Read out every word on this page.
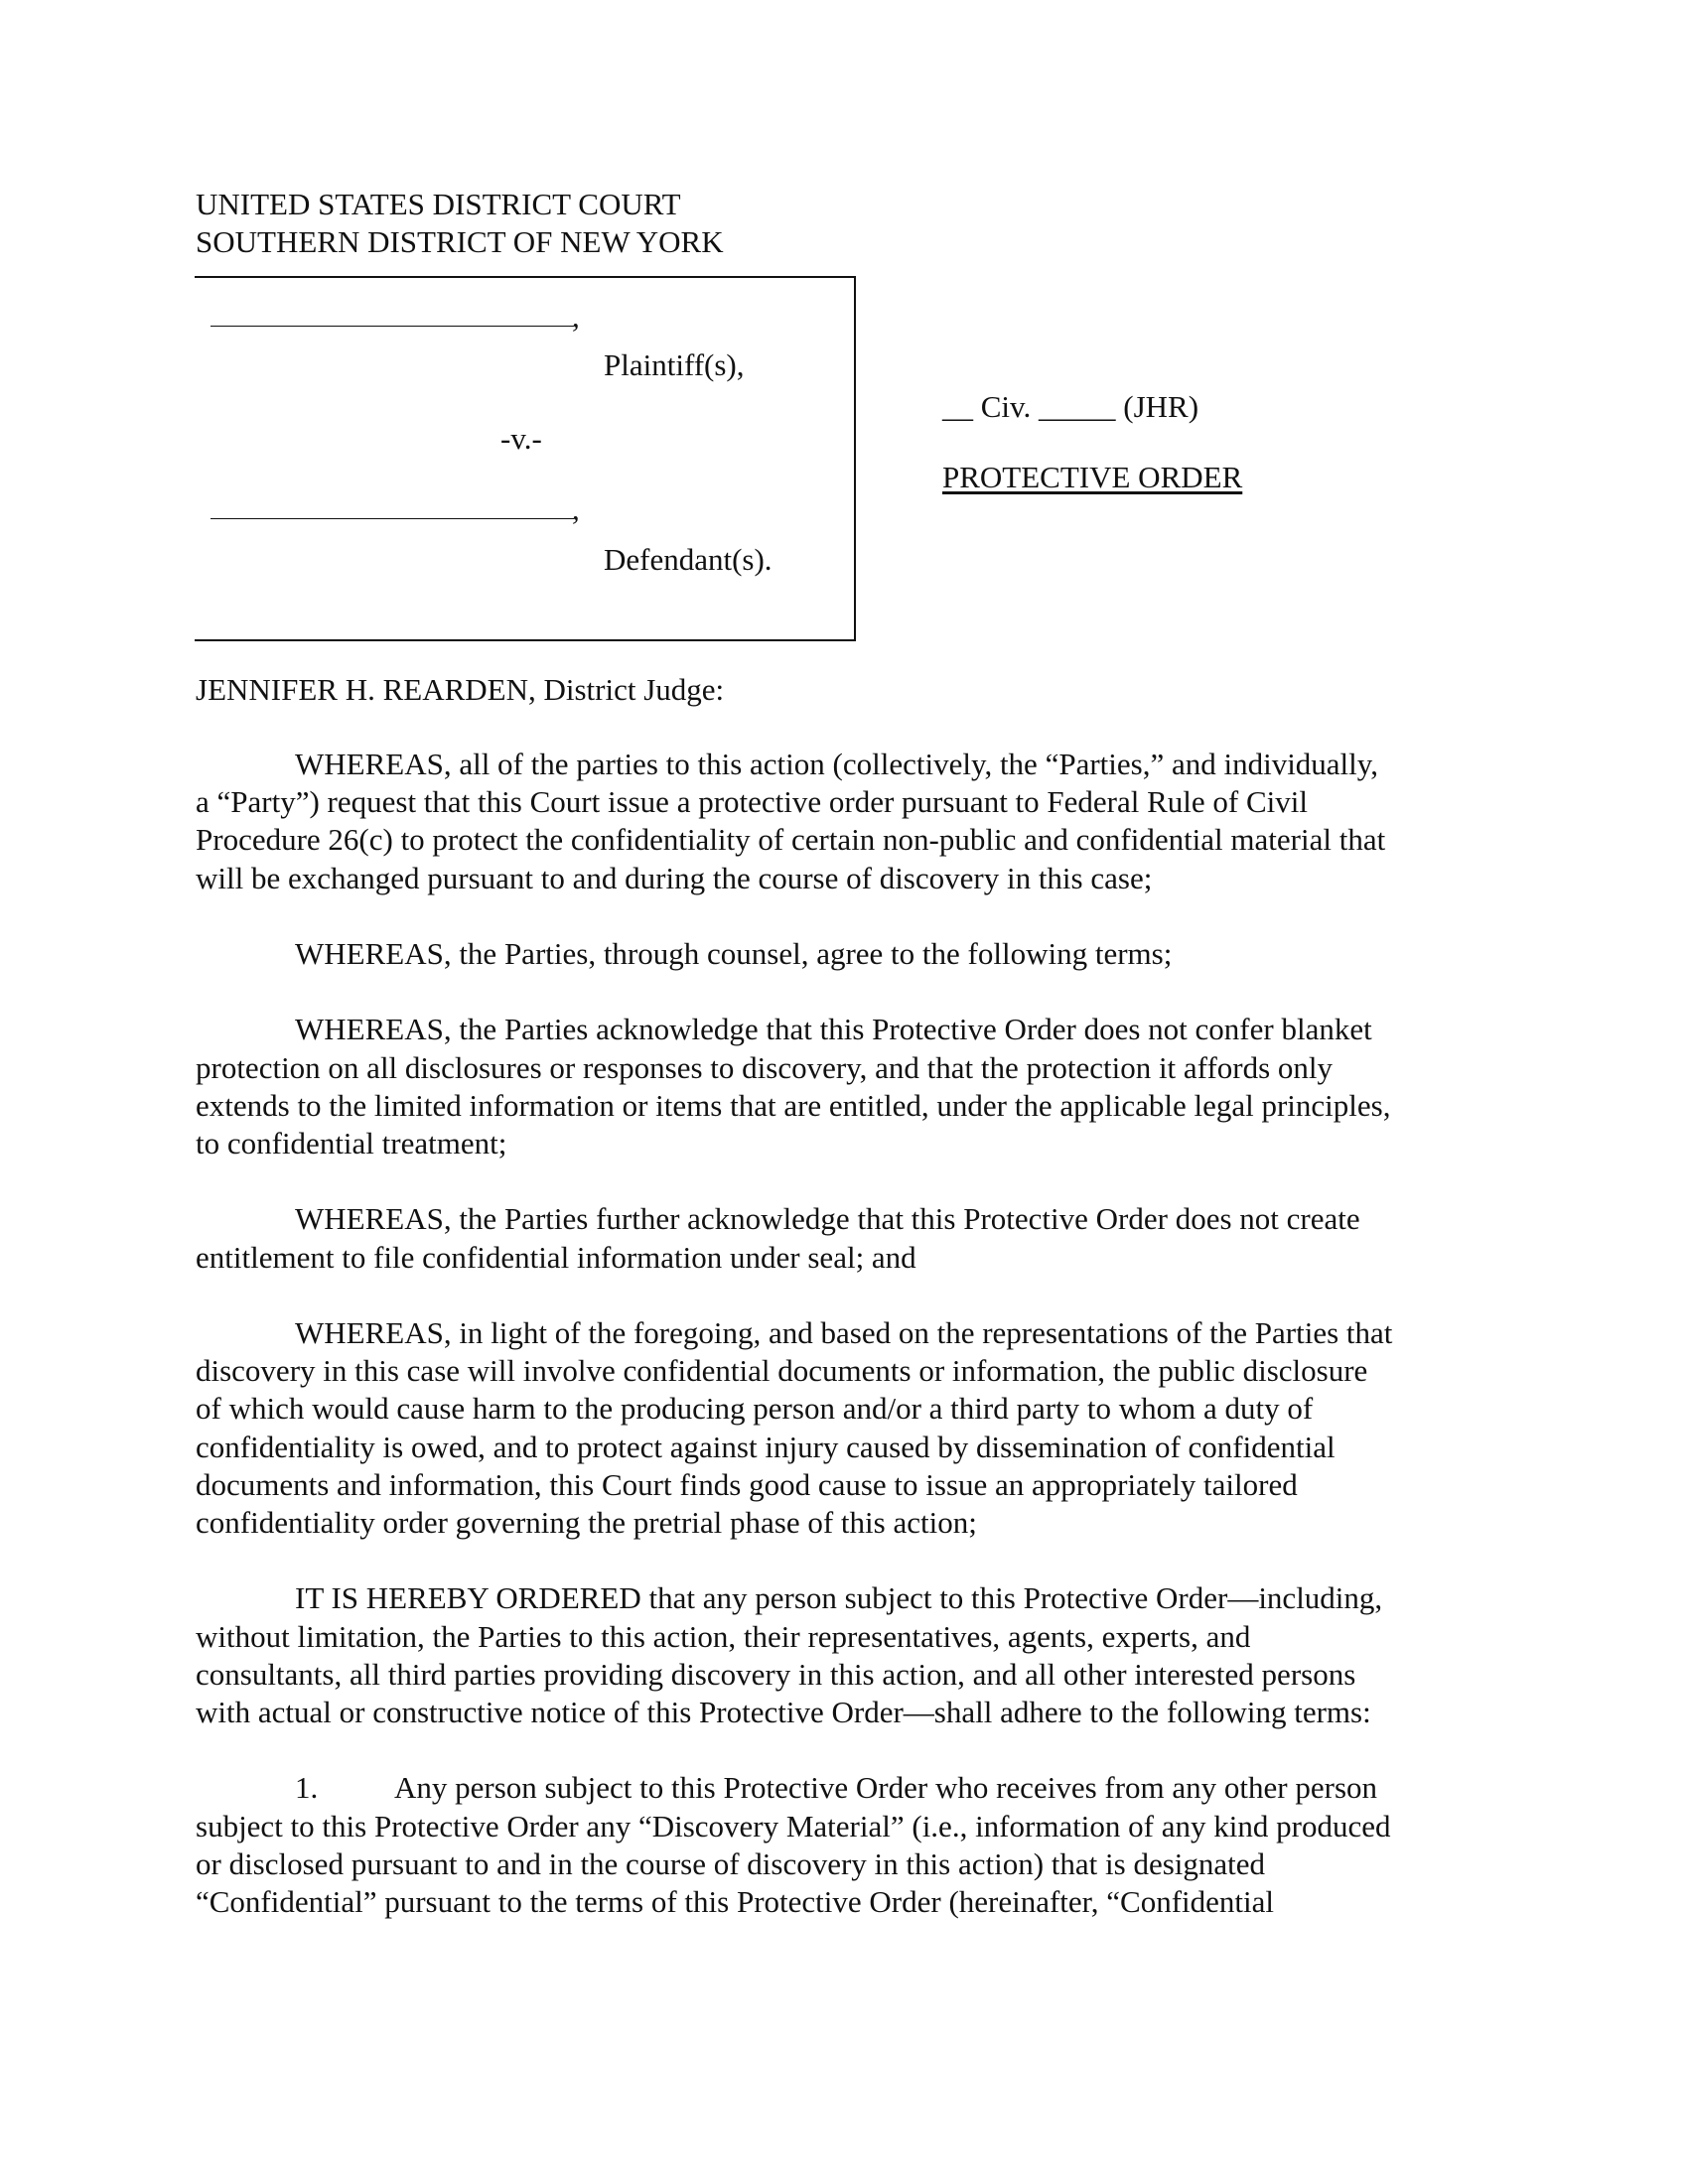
UNITED STATES DISTRICT COURT
SOUTHERN DISTRICT OF NEW YORK
,
Plaintiff(s),
-v.-
,
Defendant(s).
__ Civ. _____ (JHR)
PROTECTIVE ORDER
JENNIFER H. REARDEN, District Judge:
WHEREAS, all of the parties to this action (collectively, the “Parties,” and individually,
a “Party”) request that this Court issue a protective order pursuant to Federal Rule of Civil
Procedure 26(c) to protect the confidentiality of certain non-public and confidential material that
will be exchanged pursuant to and during the course of discovery in this case;
WHEREAS, the Parties, through counsel, agree to the following terms;
WHEREAS, the Parties acknowledge that this Protective Order does not confer blanket
protection on all disclosures or responses to discovery, and that the protection it affords only
extends to the limited information or items that are entitled, under the applicable legal principles,
to confidential treatment;
WHEREAS, the Parties further acknowledge that this Protective Order does not create
entitlement to file confidential information under seal; and
WHEREAS, in light of the foregoing, and based on the representations of the Parties that
discovery in this case will involve confidential documents or information, the public disclosure
of which would cause harm to the producing person and/or a third party to whom a duty of
confidentiality is owed, and to protect against injury caused by dissemination of confidential
documents and information, this Court finds good cause to issue an appropriately tailored
confidentiality order governing the pretrial phase of this action;
IT IS HEREBY ORDERED that any person subject to this Protective Order—including,
without limitation, the Parties to this action, their representatives, agents, experts, and
consultants, all third parties providing discovery in this action, and all other interested persons
with actual or constructive notice of this Protective Order—shall adhere to the following terms:
1. Any person subject to this Protective Order who receives from any other person
subject to this Protective Order any “Discovery Material” (i.e., information of any kind produced
or disclosed pursuant to and in the course of discovery in this action) that is designated
“Confidential” pursuant to the terms of this Protective Order (hereinafter, “Confidential
